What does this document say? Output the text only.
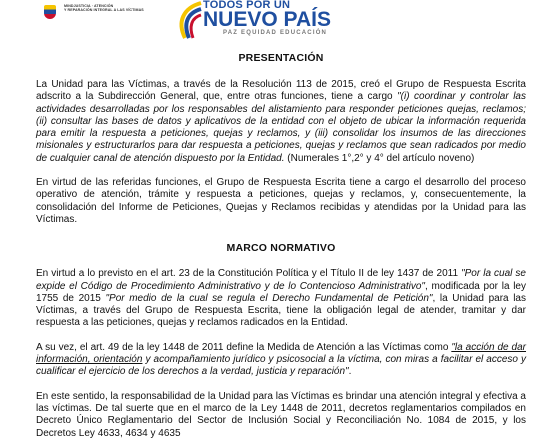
MINDJUSTICIA · ATENCIÓN
Y REPARACIÓN INTEGRAL A LAS VÍCTIMAS	TODOS POR UN
NUEVO PAÍS
PAZ EQUIDAD EDUCACIÓN
PRESENTACIÓN

La Unidad para las Víctimas, a través de la Resolución 113 de 2015, creó el Grupo de Respuesta Escrita adscrito a la Subdirección General, que, entre otras funciones, tiene a cargo "(i) coordinar y controlar las actividades desarrolladas por los responsables del alistamiento para responder peticiones quejas, reclamos; (ii) consultar las bases de datos y aplicativos de la entidad con el objeto de ubicar la información requerida para emitir la respuesta a peticiones, quejas y reclamos, y (iii) consolidar los insumos de las direcciones misionales y estructurarlos para dar respuesta a peticiones, quejas y reclamos que sean radicados por medio de cualquier canal de atención dispuesto por la Entidad. (Numerales 1°,2° y 4° del artículo noveno)

En virtud de las referidas funciones, el Grupo de Respuesta Escrita tiene a cargo el desarrollo del proceso operativo de atención, trámite y respuesta a peticiones, quejas y reclamos, y, consecuentemente, la consolidación del Informe de Peticiones, Quejas y Reclamos recibidas y atendidas por la Unidad para las Víctimas.

MARCO NORMATIVO

En virtud a lo previsto en el art. 23 de la Constitución Política y el Título II de ley 1437 de 2011 "Por la cual se expide el Código de Procedimiento Administrativo y de lo Contencioso Administrativo", modificada por la ley 1755 de 2015 "Por medio de la cual se regula el Derecho Fundamental de Petición", la Unidad para las Víctimas, a través del Grupo de Respuesta Escrita, tiene la obligación legal de atender, tramitar y dar respuesta a las peticiones, quejas y reclamos radicados en la Entidad.

A su vez, el art. 49 de la ley 1448 de 2011 define la Medida de Atención a las Víctimas como "la acción de dar información, orientación y acompañamiento jurídico y psicosocial a la víctima, con miras a facilitar el acceso y cualificar el ejercicio de los derechos a la verdad, justicia y reparación".

En este sentido, la responsabilidad de la Unidad para las Víctimas es brindar una atención integral y efectiva a las víctimas. De tal suerte que en el marco de la Ley 1448 de 2011, decretos reglamentarios compilados en Decreto Único Reglamentario del Sector de Inclusión Social y Reconciliación No. 1084 de 2015, y los Decretos Ley 4633, 4634 y 4635
